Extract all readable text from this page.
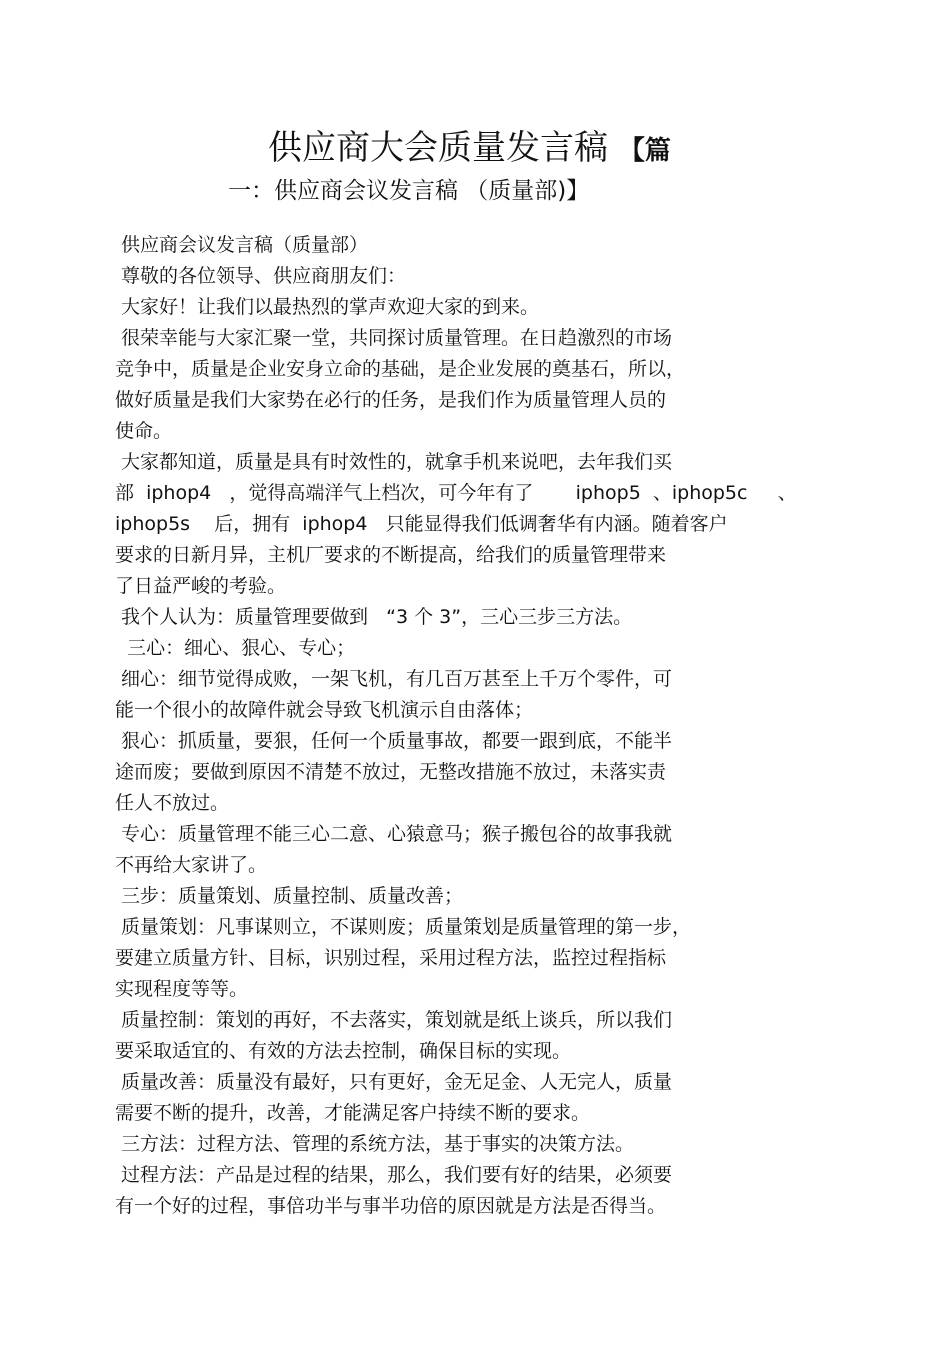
供应商大会质量发言稿 【篇
一：供应商会议发言稿 （质量部)】
供应商会议发言稿（质量部）
尊敬的各位领导、供应商朋友们：
大家好！让我们以最热烈的掌声欢迎大家的到来。
很荣幸能与大家汇聚一堂，共同探讨质量管理。在日趋激烈的市场
竞争中，质量是企业安身立命的基础，是企业发展的奠基石，所以，
做好质量是我们大家势在必行的任务，是我们作为质量管理人员的
使命。
大家都知道，质量是具有时效性的，就拿手机来说吧，去年我们买
部  iphop4   ，觉得高端洋气上档次，可今年有了       iphop5  、iphop5c     、
iphop5s    后，拥有  iphop4   只能显得我们低调奢华有内涵。随着客户
要求的日新月异，主机厂要求的不断提高，给我们的质量管理带来
了日益严峻的考验。
我个人认为：质量管理要做到   “3 个 3”，三心三步三方法。
三心：细心、狠心、专心；
细心：细节觉得成败，一架飞机，有几百万甚至上千万个零件，可
能一个很小的故障件就会导致飞机演示自由落体；
狠心：抓质量，要狠，任何一个质量事故，都要一跟到底，不能半
途而废；要做到原因不清楚不放过，无整改措施不放过，未落实责
任人不放过。
专心：质量管理不能三心二意、心猿意马；猴子搬包谷的故事我就
不再给大家讲了。
三步：质量策划、质量控制、质量改善；
质量策划：凡事谋则立，不谋则废；质量策划是质量管理的第一步，
要建立质量方针、目标，识别过程，采用过程方法，监控过程指标
实现程度等等。
质量控制：策划的再好，不去落实，策划就是纸上谈兵，所以我们
要采取适宜的、有效的方法去控制，确保目标的实现。
质量改善：质量没有最好，只有更好，金无足金、人无完人，质量
需要不断的提升，改善，才能满足客户持续不断的要求。
三方法：过程方法、管理的系统方法，基于事实的决策方法。
过程方法：产品是过程的结果，那么，我们要有好的结果，必须要
有一个好的过程，事倍功半与事半功倍的原因就是方法是否得当。
